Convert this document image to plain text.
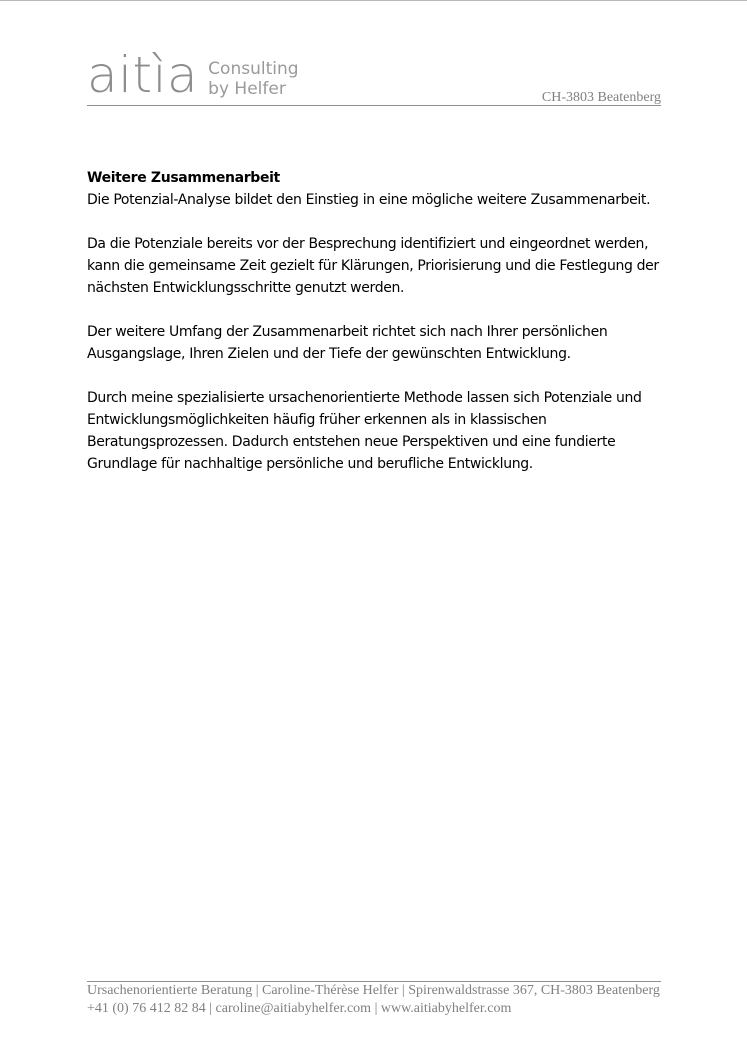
aitìa Consulting
by Helfer	CH-3803 Beatenberg
Weitere Zusammenarbeit

Die Potenzial-Analyse bildet den Einstieg in eine mögliche weitere Zusammenarbeit.

Da die Potenziale bereits vor der Besprechung identifiziert und eingeordnet werden, kann die gemeinsame Zeit gezielt für Klärungen, Priorisierung und die Festlegung der nächsten Entwicklungsschritte genutzt werden.

Der weitere Umfang der Zusammenarbeit richtet sich nach Ihrer persönlichen Ausgangslage, Ihren Zielen und der Tiefe der gewünschten Entwicklung.

Durch meine spezialisierte ursachenorientierte Methode lassen sich Potenziale und Entwicklungsmöglichkeiten häufig früher erkennen als in klassischen Beratungsprozessen. Dadurch entstehen neue Perspektiven und eine fundierte Grundlage für nachhaltige persönliche und berufliche Entwicklung.

Ursachenorientierte Beratung | Caroline-Thérèse Helfer | Spirenwaldstrasse 367, CH-3803 Beatenberg
+41 (0) 76 412 82 84 | caroline@aitiabyhelfer.com | www.aitiabyhelfer.com
